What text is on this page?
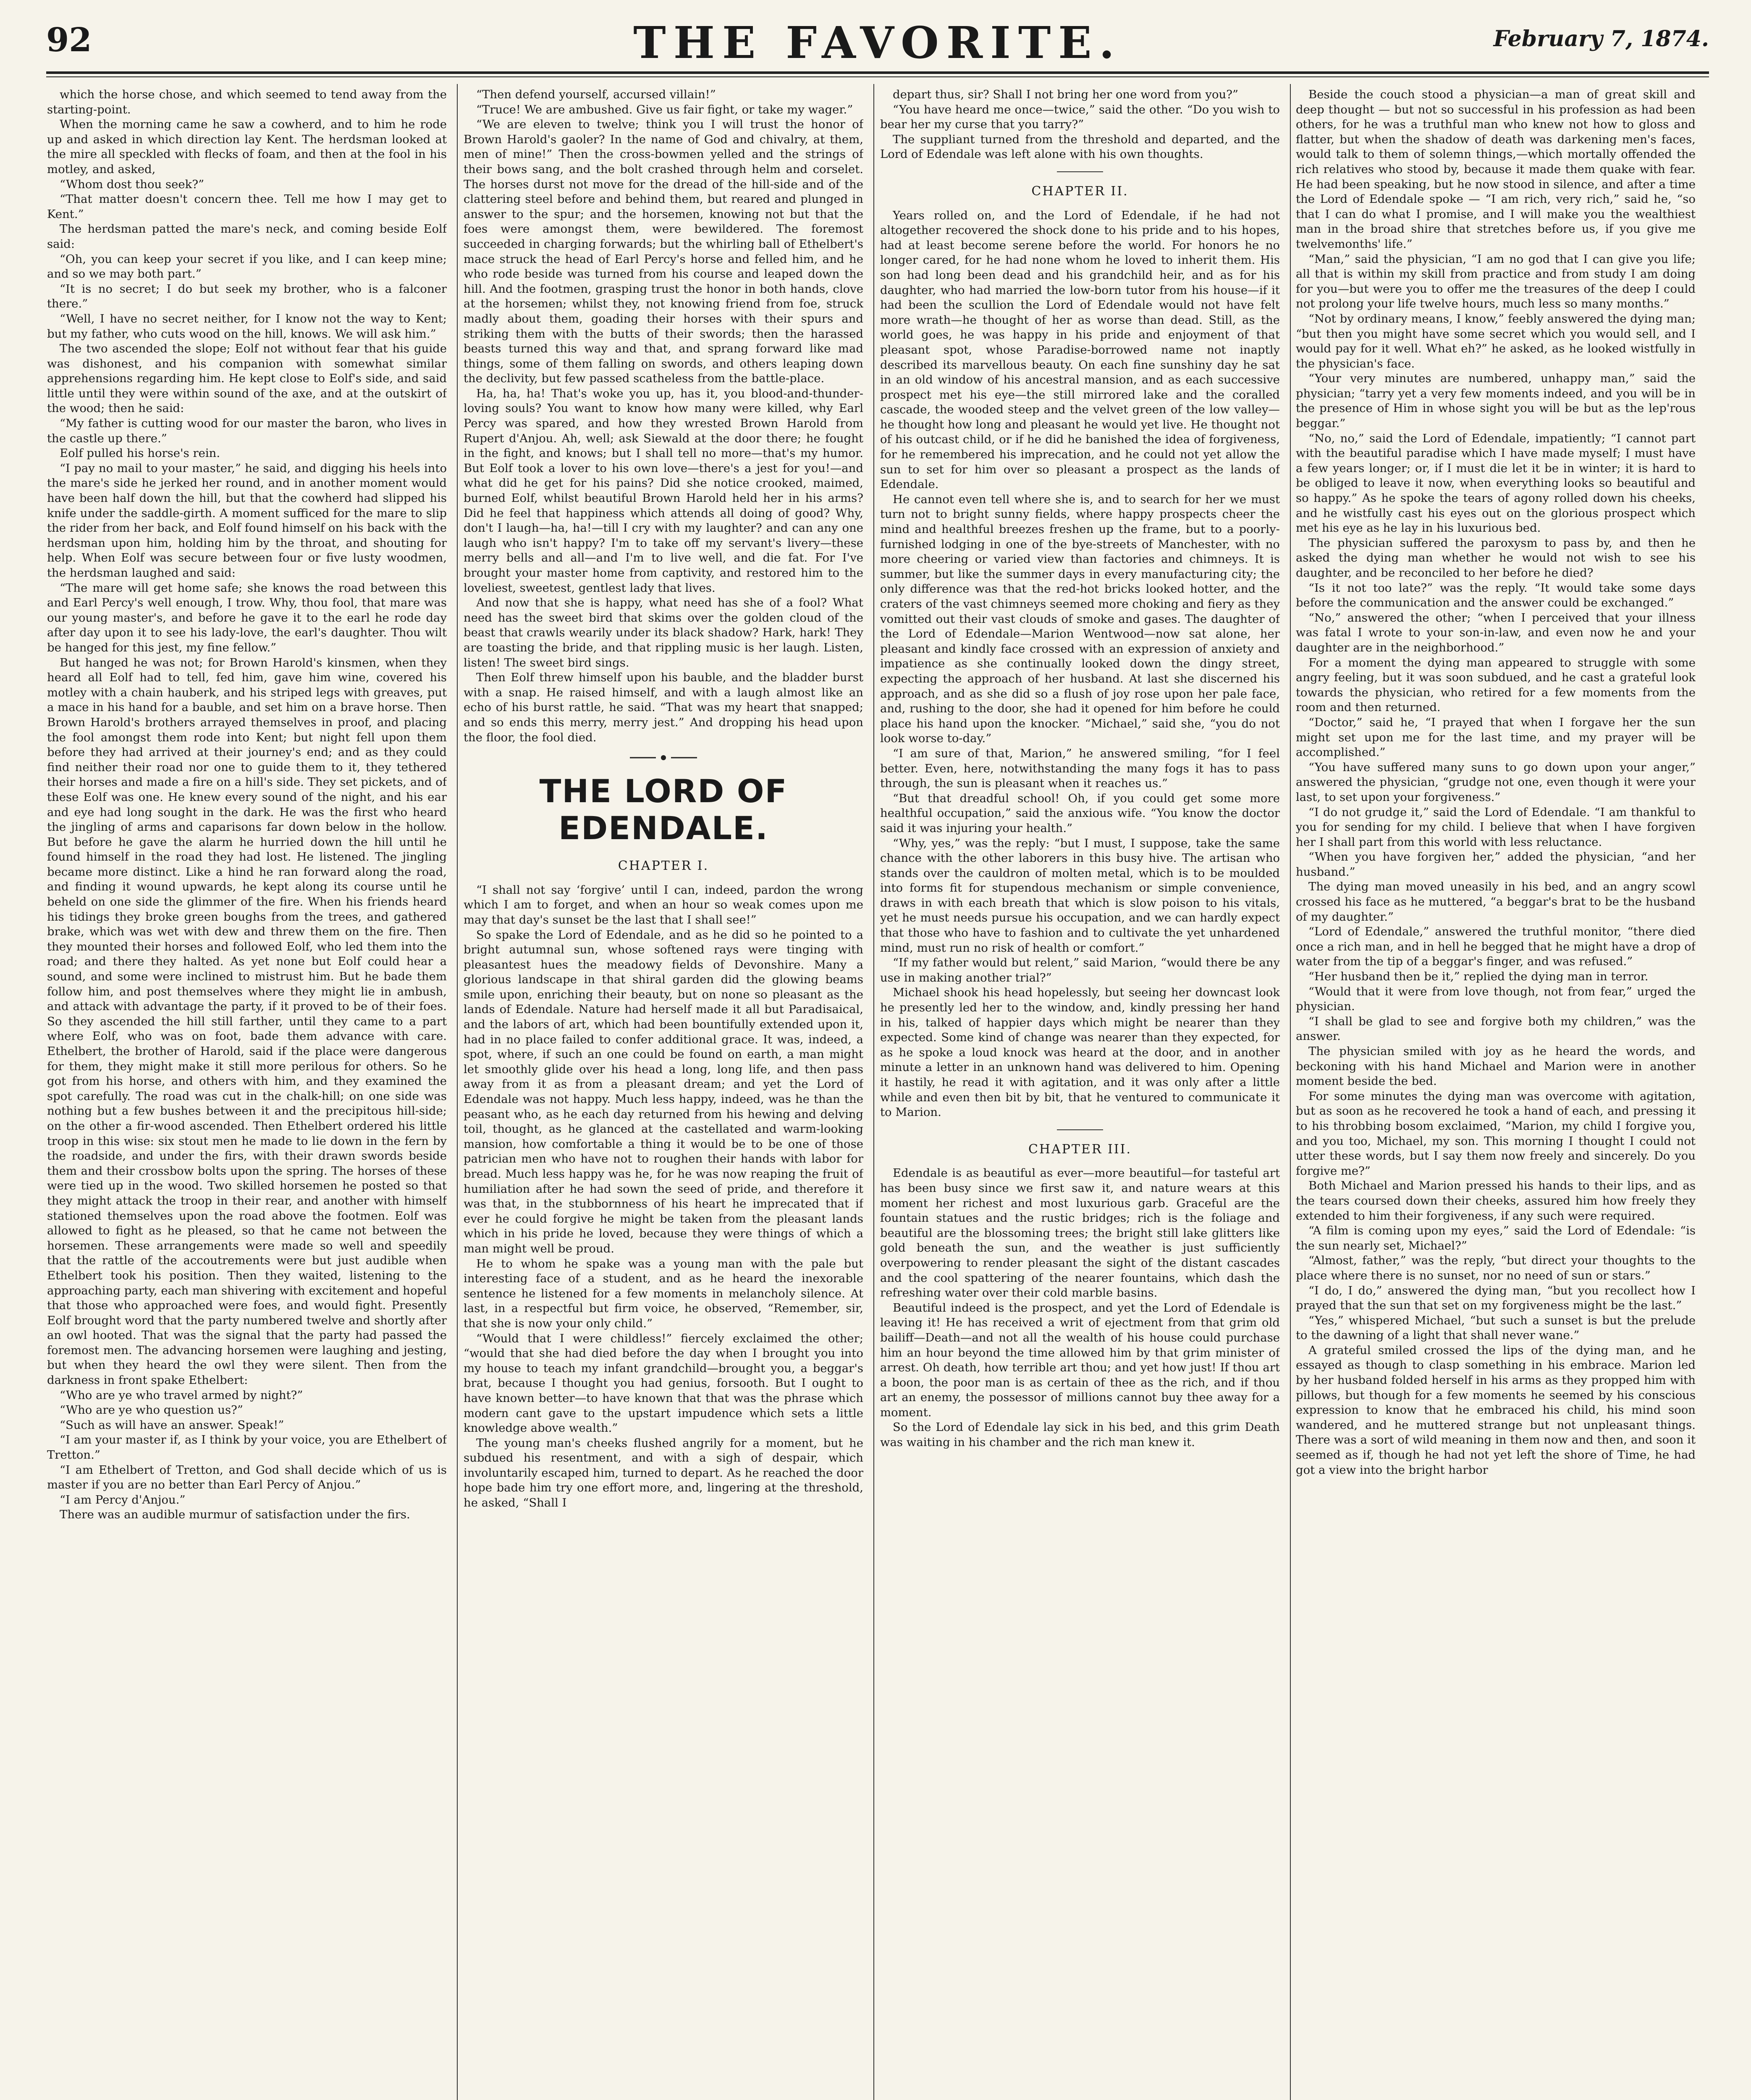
92	THE FAVORITE.	February 7, 1874.

which the horse chose, and which seemed to tend away from the starting-point.

When the morning came he saw a cowherd, and to him he rode up and asked in which direction lay Kent. The herdsman looked at the mire all speckled with flecks of foam, and then at the fool in his motley, and asked,

“Whom dost thou seek?”

“That matter doesn't concern thee. Tell me how I may get to Kent.”

The herdsman patted the mare's neck, and coming beside Eolf said:

“Oh, you can keep your secret if you like, and I can keep mine; and so we may both part.”

“It is no secret; I do but seek my brother, who is a falconer there.”

“Well, I have no secret neither, for I know not the way to Kent; but my father, who cuts wood on the hill, knows. We will ask him.”

The two ascended the slope; Eolf not without fear that his guide was dishonest, and his companion with somewhat similar apprehensions regarding him. He kept close to Eolf's side, and said little until they were within sound of the axe, and at the outskirt of the wood; then he said:

“My father is cutting wood for our master the baron, who lives in the castle up there.”

Eolf pulled his horse's rein.

“I pay no mail to your master,” he said, and digging his heels into the mare's side he jerked her round, and in another moment would have been half down the hill, but that the cowherd had slipped his knife under the saddle-girth. A moment sufficed for the mare to slip the rider from her back, and Eolf found himself on his back with the herdsman upon him, holding him by the throat, and shouting for help. When Eolf was secure between four or five lusty woodmen, the herdsman laughed and said:

“The mare will get home safe; she knows the road between this and Earl Percy's well enough, I trow. Why, thou fool, that mare was our young master's, and before he gave it to the earl he rode day after day upon it to see his lady-love, the earl's daughter. Thou wilt be hanged for this jest, my fine fellow.”

But hanged he was not; for Brown Harold's kinsmen, when they heard all Eolf had to tell, fed him, gave him wine, covered his motley with a chain hauberk, and his striped legs with greaves, put a mace in his hand for a bauble, and set him on a brave horse. Then Brown Harold's brothers arrayed themselves in proof, and placing the fool amongst them rode into Kent; but night fell upon them before they had arrived at their journey's end; and as they could find neither their road nor one to guide them to it, they tethered their horses and made a fire on a hill's side. They set pickets, and of these Eolf was one. He knew every sound of the night, and his ear and eye had long sought in the dark. He was the first who heard the jingling of arms and caparisons far down below in the hollow. But before he gave the alarm he hurried down the hill until he found himself in the road they had lost. He listened. The jingling became more distinct. Like a hind he ran forward along the road, and finding it wound upwards, he kept along its course until he beheld on one side the glimmer of the fire. When his friends heard his tidings they broke green boughs from the trees, and gathered brake, which was wet with dew and threw them on the fire. Then they mounted their horses and followed Eolf, who led them into the road; and there they halted. As yet none but Eolf could hear a sound, and some were inclined to mistrust him. But he bade them follow him, and post themselves where they might lie in ambush, and attack with advantage the party, if it proved to be of their foes. So they ascended the hill still farther, until they came to a part where Eolf, who was on foot, bade them advance with care. Ethelbert, the brother of Harold, said if the place were dangerous for them, they might make it still more perilous for others. So he got from his horse, and others with him, and they examined the spot carefully. The road was cut in the chalk-hill; on one side was nothing but a few bushes between it and the precipitous hill-side; on the other a fir-wood ascended. Then Ethelbert ordered his little troop in this wise: six stout men he made to lie down in the fern by the roadside, and under the firs, with their drawn swords beside them and their crossbow bolts upon the spring. The horses of these were tied up in the wood. Two skilled horsemen he posted so that they might attack the troop in their rear, and another with himself stationed themselves upon the road above the footmen. Eolf was allowed to fight as he pleased, so that he came not between the horsemen. These arrangements were made so well and speedily that the rattle of the accoutrements were but just audible when Ethelbert took his position. Then they waited, listening to the approaching party, each man shivering with excitement and hopeful that those who approached were foes, and would fight. Presently Eolf brought word that the party numbered twelve and shortly after an owl hooted. That was the signal that the party had passed the foremost men. The advancing horsemen were laughing and jesting, but when they heard the owl they were silent. Then from the darkness in front spake Ethelbert:

“Who are ye who travel armed by night?”

“Who are ye who question us?”

“Such as will have an answer. Speak!”

“I am your master if, as I think by your voice, you are Ethelbert of Tretton.”

“I am Ethelbert of Tretton, and God shall decide which of us is master if you are no better than Earl Percy of Anjou.”

“I am Percy d'Anjou.”

There was an audible murmur of satisfaction under the firs.

“Then defend yourself, accursed villain!”

“Truce! We are ambushed. Give us fair fight, or take my wager.”

“We are eleven to twelve; think you I will trust the honor of Brown Harold's gaoler? In the name of God and chivalry, at them, men of mine!” Then the cross-bowmen yelled and the strings of their bows sang, and the bolt crashed through helm and corselet. The horses durst not move for the dread of the hill-side and of the clattering steel before and behind them, but reared and plunged in answer to the spur; and the horsemen, knowing not but that the foes were amongst them, were bewildered. The foremost succeeded in charging forwards; but the whirling ball of Ethelbert's mace struck the head of Earl Percy's horse and felled him, and he who rode beside was turned from his course and leaped down the hill. And the footmen, grasping trust the honor in both hands, clove at the horsemen; whilst they, not knowing friend from foe, struck madly about them, goading their horses with their spurs and striking them with the butts of their swords; then the harassed beasts turned this way and that, and sprang forward like mad things, some of them falling on swords, and others leaping down the declivity, but few passed scatheless from the battle-place.

Ha, ha, ha! That's woke you up, has it, you blood-and-thunder-loving souls? You want to know how many were killed, why Earl Percy was spared, and how they wrested Brown Harold from Rupert d'Anjou. Ah, well; ask Siewald at the door there; he fought in the fight, and knows; but I shall tell no more—that's my humor. But Eolf took a lover to his own love—there's a jest for you!—and what did he get for his pains? Did she notice crooked, maimed, burned Eolf, whilst beautiful Brown Harold held her in his arms? Did he feel that happiness which attends all doing of good? Why, don't I laugh—ha, ha!—till I cry with my laughter? and can any one laugh who isn't happy? I'm to take off my servant's livery—these merry bells and all—and I'm to live well, and die fat. For I've brought your master home from captivity, and restored him to the loveliest, sweetest, gentlest lady that lives.

And now that she is happy, what need has she of a fool? What need has the sweet bird that skims over the golden cloud of the beast that crawls wearily under its black shadow? Hark, hark! They are toasting the bride, and that rippling music is her laugh. Listen, listen! The sweet bird sings.

Then Eolf threw himself upon his bauble, and the bladder burst with a snap. He raised himself, and with a laugh almost like an echo of his burst rattle, he said. “That was my heart that snapped; and so ends this merry, merry jest.” And dropping his head upon the floor, the fool died.

THE LORD OF EDENDALE.
CHAPTER I.

“I shall not say ‘forgive’ until I can, indeed, pardon the wrong which I am to forget, and when an hour so weak comes upon me may that day's sunset be the last that I shall see!”

So spake the Lord of Edendale, and as he did so he pointed to a bright autumnal sun, whose softened rays were tinging with pleasantest hues the meadowy fields of Devonshire. Many a glorious landscape in that shiral garden did the glowing beams smile upon, enriching their beauty, but on none so pleasant as the lands of Edendale. Nature had herself made it all but Paradisaical, and the labors of art, which had been bountifully extended upon it, had in no place failed to confer additional grace. It was, indeed, a spot, where, if such an one could be found on earth, a man might let smoothly glide over his head a long, long life, and then pass away from it as from a pleasant dream; and yet the Lord of Edendale was not happy. Much less happy, indeed, was he than the peasant who, as he each day returned from his hewing and delving toil, thought, as he glanced at the castellated and warm-looking mansion, how comfortable a thing it would be to be one of those patrician men who have not to roughen their hands with labor for bread. Much less happy was he, for he was now reaping the fruit of humiliation after he had sown the seed of pride, and therefore it was that, in the stubbornness of his heart he imprecated that if ever he could forgive he might be taken from the pleasant lands which in his pride he loved, because they were things of which a man might well be proud.

He to whom he spake was a young man with the pale but interesting face of a student, and as he heard the inexorable sentence he listened for a few moments in melancholy silence. At last, in a respectful but firm voice, he observed, “Remember, sir, that she is now your only child.”

“Would that I were childless!” fiercely exclaimed the other; “would that she had died before the day when I brought you into my house to teach my infant grandchild—brought you, a beggar's brat, because I thought you had genius, forsooth. But I ought to have known better—to have known that that was the phrase which modern cant gave to the upstart impudence which sets a little knowledge above wealth.”

The young man's cheeks flushed angrily for a moment, but he subdued his resentment, and with a sigh of despair, which involuntarily escaped him, turned to depart. As he reached the door hope bade him try one effort more, and, lingering at the threshold, he asked, “Shall I

depart thus, sir? Shall I not bring her one word from you?”

“You have heard me once—twice,” said the other. “Do you wish to bear her my curse that you tarry?”

The suppliant turned from the threshold and departed, and the Lord of Edendale was left alone with his own thoughts.

CHAPTER II.

Years rolled on, and the Lord of Edendale, if he had not altogether recovered the shock done to his pride and to his hopes, had at least become serene before the world. For honors he no longer cared, for he had none whom he loved to inherit them. His son had long been dead and his grandchild heir, and as for his daughter, who had married the low-born tutor from his house—if it had been the scullion the Lord of Edendale would not have felt more wrath—he thought of her as worse than dead. Still, as the world goes, he was happy in his pride and enjoyment of that pleasant spot, whose Paradise-borrowed name not inaptly described its marvellous beauty. On each fine sunshiny day he sat in an old window of his ancestral mansion, and as each successive prospect met his eye—the still mirrored lake and the coralled cascade, the wooded steep and the velvet green of the low valley—he thought how long and pleasant he would yet live. He thought not of his outcast child, or if he did he banished the idea of forgiveness, for he remembered his imprecation, and he could not yet allow the sun to set for him over so pleasant a prospect as the lands of Edendale.

He cannot even tell where she is, and to search for her we must turn not to bright sunny fields, where happy prospects cheer the mind and healthful breezes freshen up the frame, but to a poorly-furnished lodging in one of the bye-streets of Manchester, with no more cheering or varied view than factories and chimneys. It is summer, but like the summer days in every manufacturing city; the only difference was that the red-hot bricks looked hotter, and the craters of the vast chimneys seemed more choking and fiery as they vomitted out their vast clouds of smoke and gases. The daughter of the Lord of Edendale—Marion Wentwood—now sat alone, her pleasant and kindly face crossed with an expression of anxiety and impatience as she continually looked down the dingy street, expecting the approach of her husband. At last she discerned his approach, and as she did so a flush of joy rose upon her pale face, and, rushing to the door, she had it opened for him before he could place his hand upon the knocker. “Michael,” said she, “you do not look worse to-day.”

“I am sure of that, Marion,” he answered smiling, “for I feel better. Even, here, notwithstanding the many fogs it has to pass through, the sun is pleasant when it reaches us.”

“But that dreadful school! Oh, if you could get some more healthful occupation,” said the anxious wife. “You know the doctor said it was injuring your health.”

“Why, yes,” was the reply: “but I must, I suppose, take the same chance with the other laborers in this busy hive. The artisan who stands over the cauldron of molten metal, which is to be moulded into forms fit for stupendous mechanism or simple convenience, draws in with each breath that which is slow poison to his vitals, yet he must needs pursue his occupation, and we can hardly expect that those who have to fashion and to cultivate the yet unhardened mind, must run no risk of health or comfort.”

“If my father would but relent,” said Marion, “would there be any use in making another trial?”

Michael shook his head hopelessly, but seeing her downcast look he presently led her to the window, and, kindly pressing her hand in his, talked of happier days which might be nearer than they expected. Some kind of change was nearer than they expected, for as he spoke a loud knock was heard at the door, and in another minute a letter in an unknown hand was delivered to him. Opening it hastily, he read it with agitation, and it was only after a little while and even then bit by bit, that he ventured to communicate it to Marion.

CHAPTER III.

Edendale is as beautiful as ever—more beautiful—for tasteful art has been busy since we first saw it, and nature wears at this moment her richest and most luxurious garb. Graceful are the fountain statues and the rustic bridges; rich is the foliage and beautiful are the blossoming trees; the bright still lake glitters like gold beneath the sun, and the weather is just sufficiently overpowering to render pleasant the sight of the distant cascades and the cool spattering of the nearer fountains, which dash the refreshing water over their cold marble basins.

Beautiful indeed is the prospect, and yet the Lord of Edendale is leaving it! He has received a writ of ejectment from that grim old bailiff—Death—and not all the wealth of his house could purchase him an hour beyond the time allowed him by that grim minister of arrest. Oh death, how terrible art thou; and yet how just! If thou art a boon, the poor man is as certain of thee as the rich, and if thou art an enemy, the possessor of millions cannot buy thee away for a moment.

So the Lord of Edendale lay sick in his bed, and this grim Death was waiting in his chamber and the rich man knew it.

Beside the couch stood a physician—a man of great skill and deep thought — but not so successful in his profession as had been others, for he was a truthful man who knew not how to gloss and flatter, but when the shadow of death was darkening men's faces, would talk to them of solemn things,—which mortally offended the rich relatives who stood by, because it made them quake with fear. He had been speaking, but he now stood in silence, and after a time the Lord of Edendale spoke — “I am rich, very rich,” said he, “so that I can do what I promise, and I will make you the wealthiest man in the broad shire that stretches before us, if you give me twelvemonths' life.”

“Man,” said the physician, “I am no god that I can give you life; all that is within my skill from practice and from study I am doing for you—but were you to offer me the treasures of the deep I could not prolong your life twelve hours, much less so many months.”

“Not by ordinary means, I know,” feebly answered the dying man; “but then you might have some secret which you would sell, and I would pay for it well. What eh?” he asked, as he looked wistfully in the physician's face.

“Your very minutes are numbered, unhappy man,” said the physician; “tarry yet a very few moments indeed, and you will be in the presence of Him in whose sight you will be but as the lep'rous beggar.”

“No, no,” said the Lord of Edendale, impatiently; “I cannot part with the beautiful paradise which I have made myself; I must have a few years longer; or, if I must die let it be in winter; it is hard to be obliged to leave it now, when everything looks so beautiful and so happy.” As he spoke the tears of agony rolled down his cheeks, and he wistfully cast his eyes out on the glorious prospect which met his eye as he lay in his luxurious bed.

The physician suffered the paroxysm to pass by, and then he asked the dying man whether he would not wish to see his daughter, and be reconciled to her before he died?

“Is it not too late?” was the reply. “It would take some days before the communication and the answer could be exchanged.”

“No,” answered the other; “when I perceived that your illness was fatal I wrote to your son-in-law, and even now he and your daughter are in the neighborhood.”

For a moment the dying man appeared to struggle with some angry feeling, but it was soon subdued, and he cast a grateful look towards the physician, who retired for a few moments from the room and then returned.

“Doctor,” said he, “I prayed that when I forgave her the sun might set upon me for the last time, and my prayer will be accomplished.”

“You have suffered many suns to go down upon your anger,” answered the physician, “grudge not one, even though it were your last, to set upon your forgiveness.”

“I do not grudge it,” said the Lord of Edendale. “I am thankful to you for sending for my child. I believe that when I have forgiven her I shall part from this world with less reluctance.

“When you have forgiven her,” added the physician, “and her husband.”

The dying man moved uneasily in his bed, and an angry scowl crossed his face as he muttered, “a beggar's brat to be the husband of my daughter.”

“Lord of Edendale,” answered the truthful monitor, “there died once a rich man, and in hell he begged that he might have a drop of water from the tip of a beggar's finger, and was refused.”

“Her husband then be it,” replied the dying man in terror.

“Would that it were from love though, not from fear,” urged the physician.

“I shall be glad to see and forgive both my children,” was the answer.

The physician smiled with joy as he heard the words, and beckoning with his hand Michael and Marion were in another moment beside the bed.

For some minutes the dying man was overcome with agitation, but as soon as he recovered he took a hand of each, and pressing it to his throbbing bosom exclaimed, “Marion, my child I forgive you, and you too, Michael, my son. This morning I thought I could not utter these words, but I say them now freely and sincerely. Do you forgive me?”

Both Michael and Marion pressed his hands to their lips, and as the tears coursed down their cheeks, assured him how freely they extended to him their forgiveness, if any such were required.

“A film is coming upon my eyes,” said the Lord of Edendale: “is the sun nearly set, Michael?”

“Almost, father,” was the reply, “but direct your thoughts to the place where there is no sunset, nor no need of sun or stars.”

“I do, I do,” answered the dying man, “but you recollect how I prayed that the sun that set on my forgiveness might be the last.”

“Yes,” whispered Michael, “but such a sunset is but the prelude to the dawning of a light that shall never wane.”

A grateful smiled crossed the lips of the dying man, and he essayed as though to clasp something in his embrace. Marion led by her husband folded herself in his arms as they propped him with pillows, but though for a few moments he seemed by his conscious expression to know that he embraced his child, his mind soon wandered, and he muttered strange but not unpleasant things. There was a sort of wild meaning in them now and then, and soon it seemed as if, though he had not yet left the shore of Time, he had got a view into the bright harbor
